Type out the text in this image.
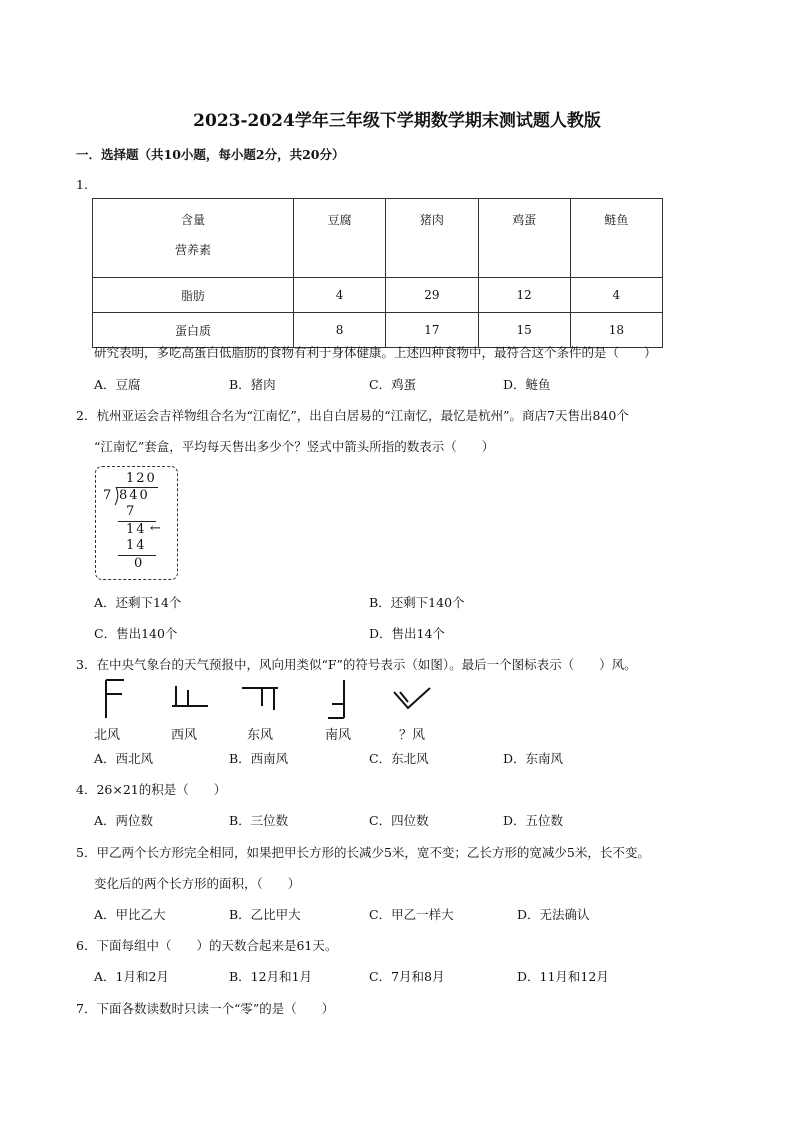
2023-2024学年三年级下学期数学期末测试题人教版
一．选择题（共10小题，每小题2分，共20分）
1.
含量
营养素	豆腐	猪肉	鸡蛋	鲢鱼
脂肪	4	29	12	4
蛋白质	8	17	15	18
研究表明，多吃高蛋白低脂肪的食物有利于身体健康。上述四种食物中，最符合这个条件的是（　　）
A．豆腐	B．猪肉	C．鸡蛋	D．鲢鱼
2．杭州亚运会吉祥物组合名为“江南忆”，出自白居易的“江南忆，最忆是杭州”。商店7天售出840个
“江南忆”套盒，平均每天售出多少个？竖式中箭头所指的数表示（　　）
120
7 840
7
14 ←
14
0
A．还剩下14个	B．还剩下140个
C．售出140个	D．售出14个
3．在中央气象台的天气预报中，风向用类似“F”的符号表示（如图）。最后一个图标表示（　　）风。
北风	西风	东风	南风	？风
A．西北风	B．西南风	C．东北风	D．东南风
4．26×21的积是（　　）
A．两位数	B．三位数	C．四位数	D．五位数
5．甲乙两个长方形完全相同，如果把甲长方形的长减少5米，宽不变；乙长方形的宽减少5米，长不变。
变化后的两个长方形的面积，（　　）
A．甲比乙大	B．乙比甲大	C．甲乙一样大	D．无法确认
6．下面每组中（　　）的天数合起来是61天。
A．1月和2月	B．12月和1月	C．7月和8月	D．11月和12月
7．下面各数读数时只读一个“零”的是（　　）
